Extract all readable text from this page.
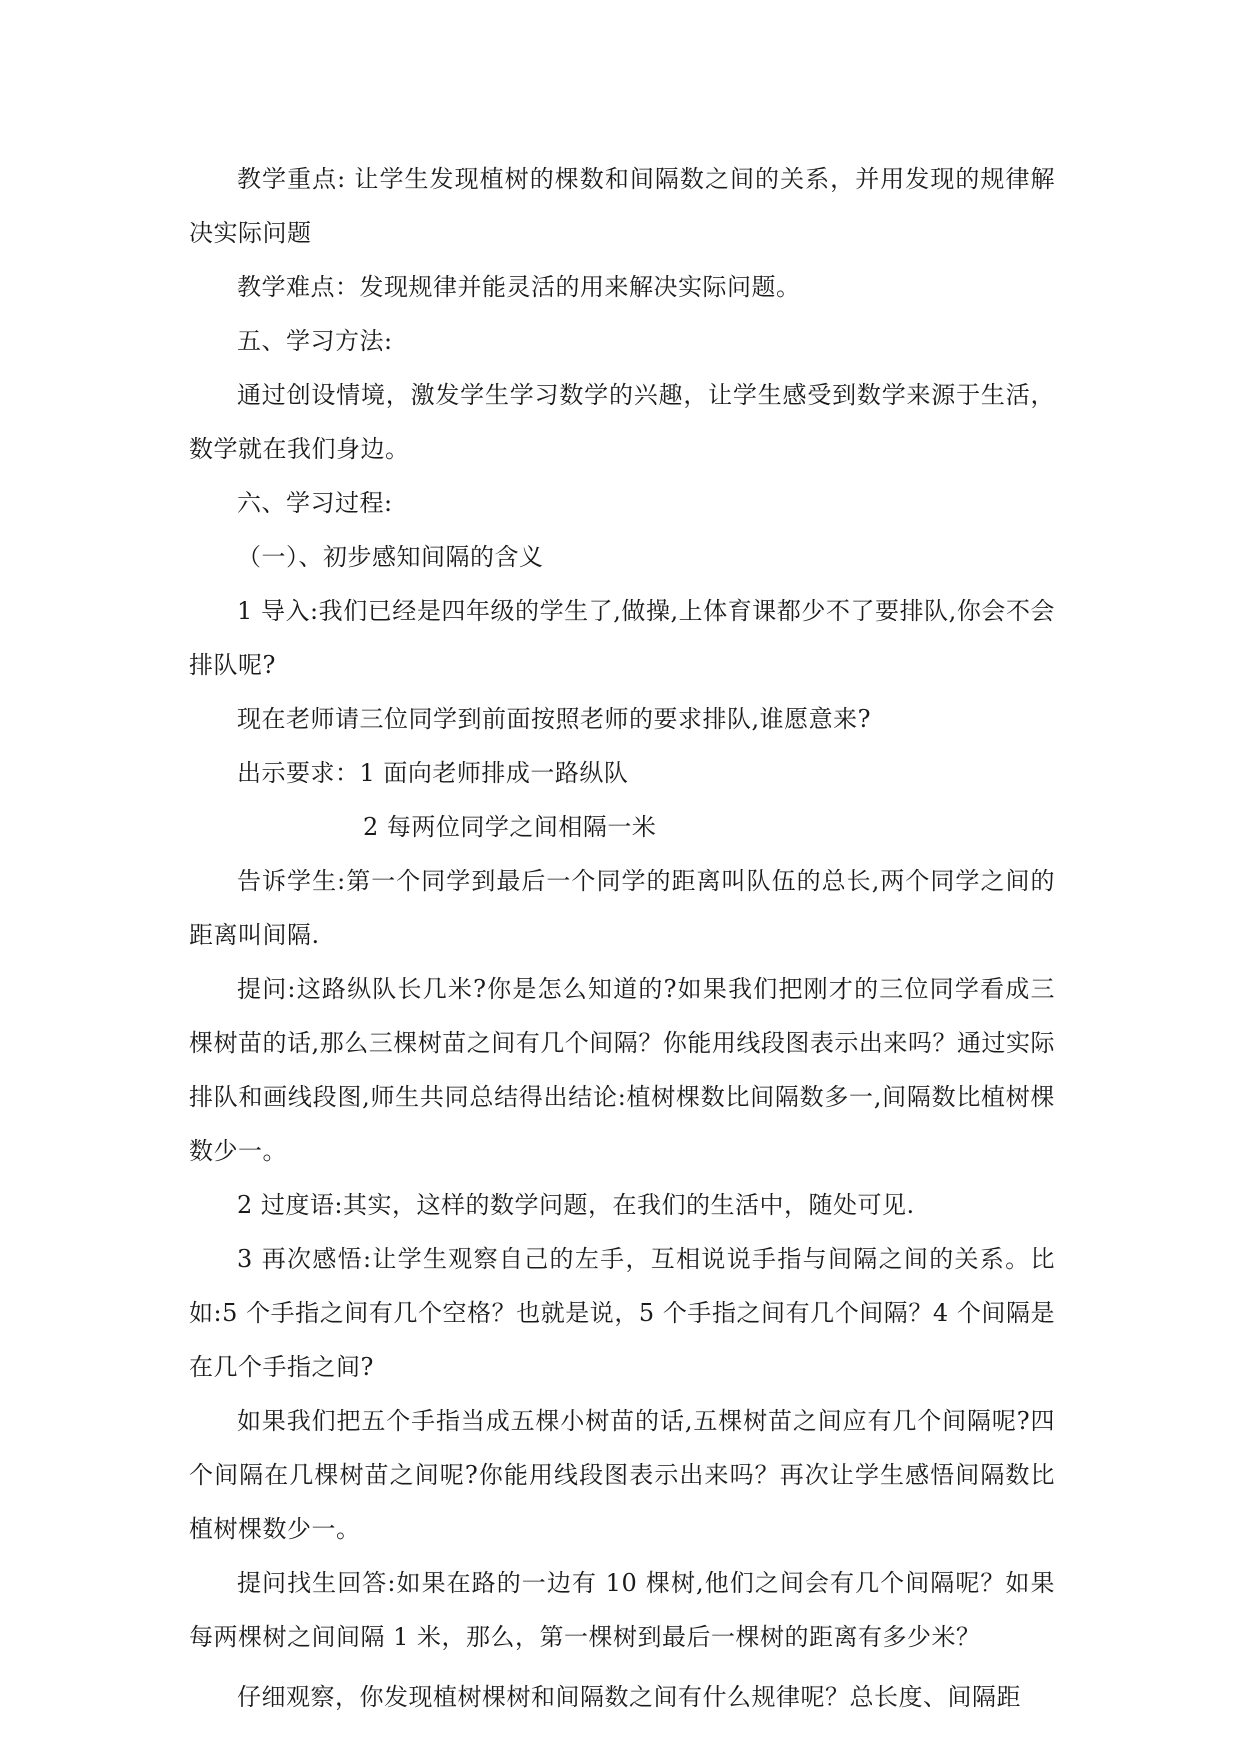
教学重点: 让学生发现植树的棵数和间隔数之间的关系，并用发现的规律解决实际问题

教学难点：发现规律并能灵活的用来解决实际问题。

五、学习方法:

通过创设情境，激发学生学习数学的兴趣，让学生感受到数学来源于生活，数学就在我们身边。

六、学习过程:

（一）、初步感知间隔的含义

1 导入:我们已经是四年级的学生了,做操,上体育课都少不了要排队,你会不会排队呢?

现在老师请三位同学到前面按照老师的要求排队,谁愿意来?

出示要求：1 面向老师排成一路纵队

2 每两位同学之间相隔一米

告诉学生:第一个同学到最后一个同学的距离叫队伍的总长,两个同学之间的距离叫间隔.

提问:这路纵队长几米?你是怎么知道的?如果我们把刚才的三位同学看成三棵树苗的话,那么三棵树苗之间有几个间隔？你能用线段图表示出来吗？通过实际排队和画线段图,师生共同总结得出结论:植树棵数比间隔数多一,间隔数比植树棵数少一。

2 过度语:其实，这样的数学问题，在我们的生活中，随处可见.

3 再次感悟:让学生观察自己的左手，互相说说手指与间隔之间的关系。比如:5 个手指之间有几个空格？也就是说，5 个手指之间有几个间隔？4 个间隔是在几个手指之间?

如果我们把五个手指当成五棵小树苗的话,五棵树苗之间应有几个间隔呢?四个间隔在几棵树苗之间呢?你能用线段图表示出来吗？再次让学生感悟间隔数比植树棵数少一。

提问找生回答:如果在路的一边有 10 棵树,他们之间会有几个间隔呢？如果每两棵树之间间隔 1 米，那么，第一棵树到最后一棵树的距离有多少米？

仔细观察，你发现植树棵树和间隔数之间有什么规律呢？总长度、间隔距
